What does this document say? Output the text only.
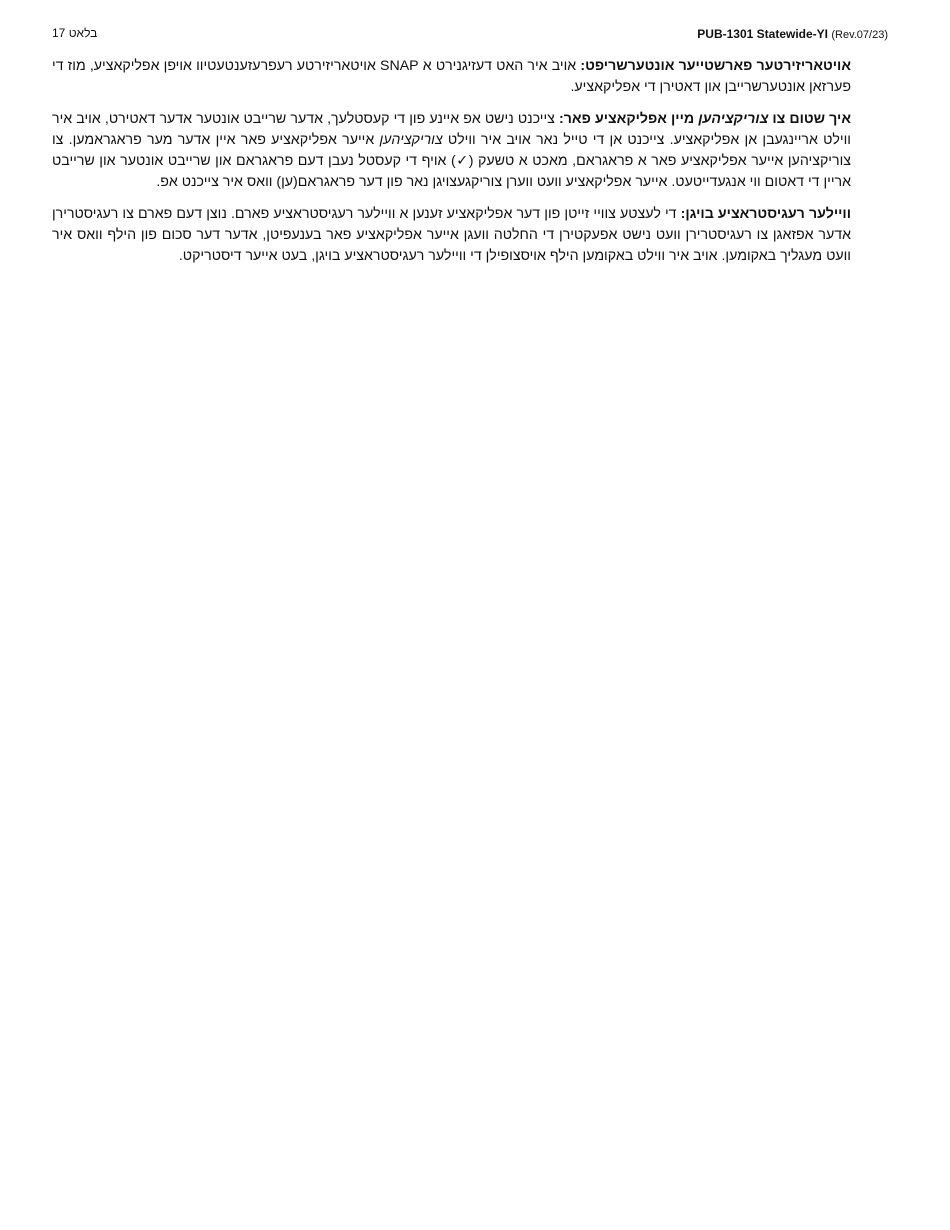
בלאט 17	PUB-1301 Statewide-YI (Rev.07/23)

אויטאריזירטער פארשטייער אונטערשריפט: אויב איר האט דעזיגנירט א SNAP אויטאריזירטע רעפרעזענטעטיוו אויפן אפליקאציע, מוז די פערזאן אונטערשרייבן און דאטירן די אפליקאציע.

איך שטום צו צוריקציהען מיין אפליקאציע פאר: צייכנט נישט אפ איינע פון די קעסטלעך, אדער שרייבט אונטער אדער דאטירט, אויב איר ווילט אריינגעבן אן אפליקאציע. צייכנט אן די טייל נאר אויב איר ווילט צוריקציהען אייער אפליקאציע פאר איין אדער מער פראגראמען. צו צוריקציהען אייער אפליקאציע פאר א פראגראם, מאכט א טשעק (✓) אויף די קעסטל נעבן דעם פראגראם און שרייבט אונטער און שרייבט אריין די דאטום ווי אנגעדייטעט. אייער אפליקאציע וועט ווערן צוריקגעצויגן נאר פון דער פראגראם(ען) וואס איר צייכנט אפ.

וויילער רעגיסטראציע בויגן: די לעצטע צוויי זייטן פון דער אפליקאציע זענען א וויילער רעגיסטראציע פארם. נוצן דעם פארם צו רעגיסטרירן אדער אפזאגן צו רעגיסטרירן וועט נישט אפעקטירן די החלטה וועגן אייער אפליקאציע פאר בענעפיטן, אדער דער סכום פון הילף וואס איר וועט מעגליך באקומען. אויב איר ווילט באקומען הילף אויסצופילן די וויילער רעגיסטראציע בויגן, בעט אייער דיסטריקט.
